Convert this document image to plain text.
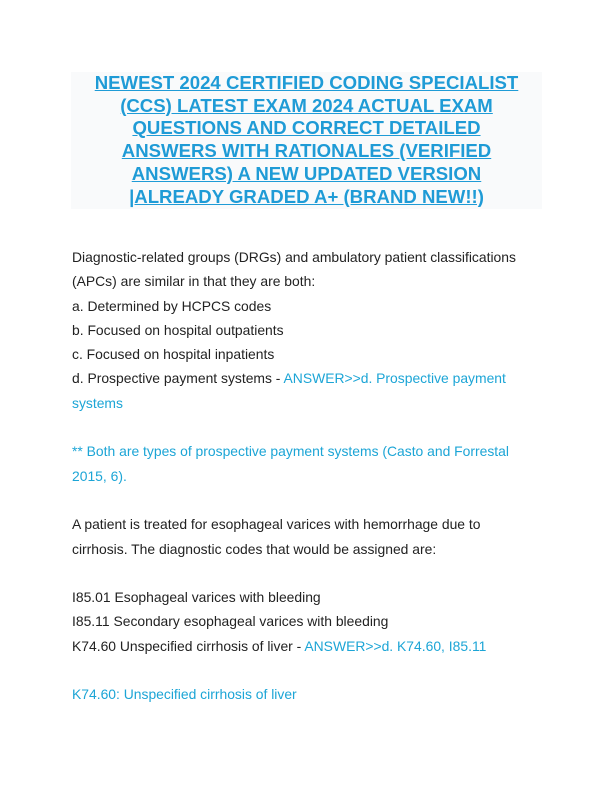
NEWEST 2024 CERTIFIED CODING SPECIALIST
(CCS) LATEST EXAM 2024 ACTUAL EXAM
QUESTIONS AND CORRECT DETAILED
ANSWERS WITH RATIONALES (VERIFIED
ANSWERS) A NEW UPDATED VERSION
|ALREADY GRADED A+ (BRAND NEW!!)
Diagnostic-related groups (DRGs) and ambulatory patient classifications
(APCs) are similar in that they are both:
a. Determined by HCPCS codes
b. Focused on hospital outpatients
c. Focused on hospital inpatients
d. Prospective payment systems - ANSWER>>d. Prospective payment
systems
** Both are types of prospective payment systems (Casto and Forrestal
2015, 6).
A patient is treated for esophageal varices with hemorrhage due to
cirrhosis. The diagnostic codes that would be assigned are:
I85.01 Esophageal varices with bleeding
I85.11 Secondary esophageal varices with bleeding
K74.60 Unspecified cirrhosis of liver - ANSWER>>d. K74.60, I85.11
K74.60: Unspecified cirrhosis of liver
